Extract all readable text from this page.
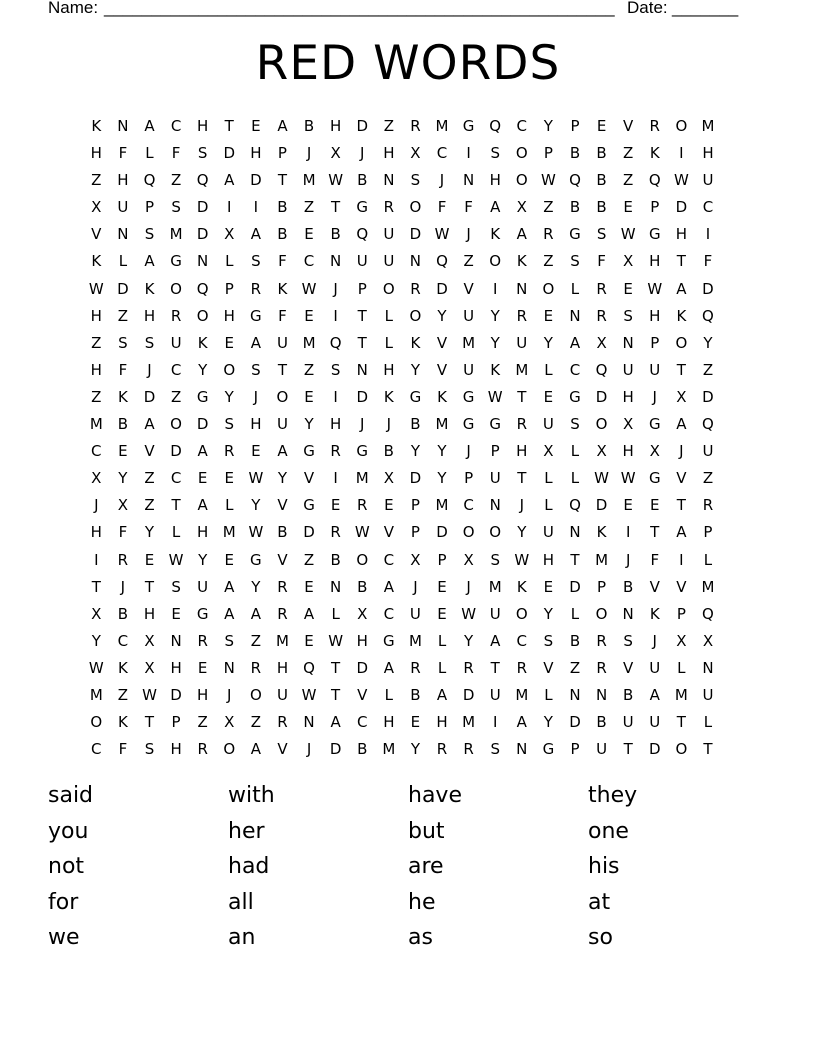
Name: ______________________________________________________ Date: _______
RED WORDS
K	N	A	C	H	T	E	A	B	H	D	Z	R M G Q	C	Y	P	E	V	R	O M
H	F	L	F	S	D	H	P	J	X	J	H	X	C	I	S	O	P	B	B	Z	K	I	H
Z	H	Q	Z	Q	A	D	T	M W B	N	S	J	N	H	O W Q	B	Z	Q W U
X	U	P	S	D	I	I	B	Z	T	G	R	O	F	F	A	X	Z	B	B	E	P	D	C
V	N	S	M D	X	A	B	E	B	Q	U	D W	J	K	A	R	G	S W G	H	I
K	L	A	G	N	L	S	F	C	N	U	U	N	Q	Z	O	K	Z	S	F	X	H	T	F
W D	K	O Q	P	R	K W	J	P	O	R	D	V	I	N	O	L	R	E W A	D
H	Z	H	R	O	H	G	F	E	I	T	L	O	Y	U	Y	R	E	N	R	S	H	K	Q
Z	S	S	U	K	E	A	U M Q	T	L	K	V M	Y	U	Y	A	X	N	P	O	Y
H	F	J	C	Y	O	S	T	Z	S	N	H	Y	V	U	K	M	L	C	Q	U	U	T	Z
Z	K	D	Z	G	Y	J	O	E	I	D	K	G	K	G W T	E	G	D	H	J	X	D
M B	A	O D	S	H	U	Y	H	J	J	B M G G	R	U	S	O	X	G	A	Q
C	E	V	D	A	R	E	A	G	R	G	B	Y	Y	J	P	H	X	L	X	H	X	J	U
X	Y	Z	C	E	E W Y	V	I	M X	D	Y	P	U	T	L	L	W W G	V	Z
J	X	Z	T	A	L	Y	V	G	E	R	E	P	M C	N	J	L	Q D	E	E	T	R
H	F	Y	L	H M W B	D	R W V	P	D O O	Y	U	N	K	I	T	A	P
I	R	E W Y	E	G	V	Z	B	O	C	X	P	X	S W H	T	M	J	F	I	L
T	J	T	S	U	A	Y	R	E	N	B	A	J	E	J	M	K	E	D	P	B	V	V M
X	B	H	E	G	A	A	R	A	L	X	C	U	E W U	O	Y	L	O	N	K	P	Q
Y	C	X	N	R	S	Z M	E W H	G M	L	Y	A	C	S	B	R	S	J	X	X
W K	X	H	E	N	R	H	Q	T	D	A	R	L	R	T	R	V	Z	R	V	U	L	N
M Z W D	H	J	O	U W T	V	L	B	A	D	U M	L	N	N	B	A M U
O	K	T	P	Z	X	Z	R	N	A	C	H	E	H M	I	A	Y	D	B	U	U	T	L
C	F	S	H	R	O	A	V	J	D	B M	Y	R	R	S	N	G	P	U	T	D O	T
said	with	have	they
you	her	but	one
not	had	are	his
for	all	he	at
we	an	as	so
